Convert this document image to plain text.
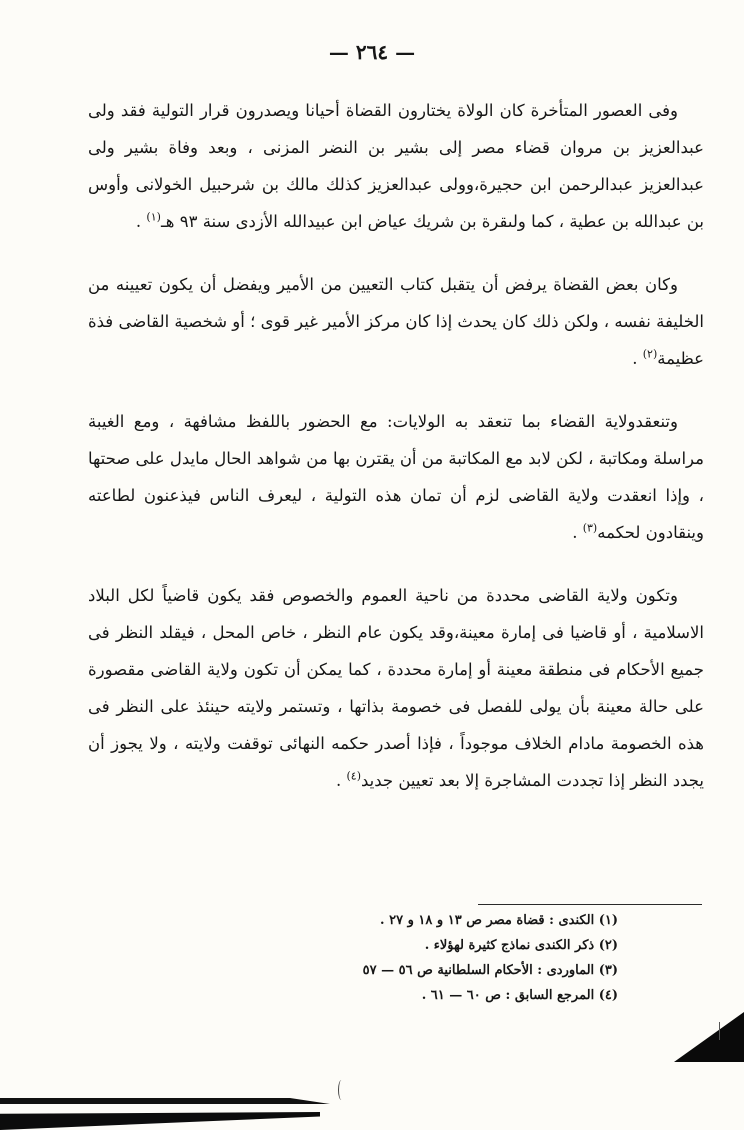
— ٢٦٤ —

وفى العصور المتأخرة كان الولاة يختارون القضاة أحيانا ويصدرون قرار التولية فقد ولى عبدالعزيز بن مروان قضاء مصر إلى بشير بن النضر المزنى ، وبعد وفاة بشير ولى عبدالعزيز عبدالرحمن ابن حجيرة،وولى عبدالعزيز كذلك مالك بن شرحبيل الخولانى وأوس بن عبدالله بن عطية ، كما ولىقرة بن شريك عياض ابن عبيدالله الأزدى سنة ٩٣ هـ$^{(١)}$ .

وكان بعض القضاة يرفض أن يتقبل كتاب التعيين من الأمير ويفضل أن يكون تعيينه من الخليفة نفسه ، ولكن ذلك كان يحدث إذا كان مركز الأمير غير قوى ؛ أو شخصية القاضى فذة عظيمة$^{(٢)}$ .

وتنعقدولاية القضاء بما تنعقد به الولايات: مع الحضور باللفظ مشافهة ، ومع الغيبة مراسلة ومكاتبة ، لكن لابد مع المكاتبة من أن يقترن بها من شواهد الحال مايدل على صحتها ، وإذا انعقدت ولاية القاضى لزم أن تمان هذه التولية ، ليعرف الناس فيذعنون لطاعته وينقادون لحكمه$^{(٣)}$ .

وتكون ولاية القاضى محددة من ناحية العموم والخصوص فقد يكون قاضياً لكل البلاد الاسلامية ، أو قاضيا فى إمارة معينة،وقد يكون عام النظر ، خاص المحل ، فيقلد النظر فى جميع الأحكام فى منطقة معينة أو إمارة محددة ، كما يمكن أن تكون ولاية القاضى مقصورة على حالة معينة بأن يولى للفصل فى خصومة بذاتها ، وتستمر ولايته حينئذ على النظر فى هذه الخصومة مادام الخلاف موجوداً ، فإذا أصدر حكمه النهائى توقفت ولايته ، ولا يجوز أن يجدد النظر إذا تجددت المشاجرة إلا بعد تعيين جديد$^{(٤)}$ .

(١) الكندى : قضاة مصر ص ١٣ و ١٨ و ٢٧ .

(٢) ذكر الكندى نماذج كثيرة لهؤلاء .

(٣) الماوردى : الأحكام السلطانية ص ٥٦ — ٥٧

(٤) المرجع السابق : ص ٦٠ — ٦١ .
